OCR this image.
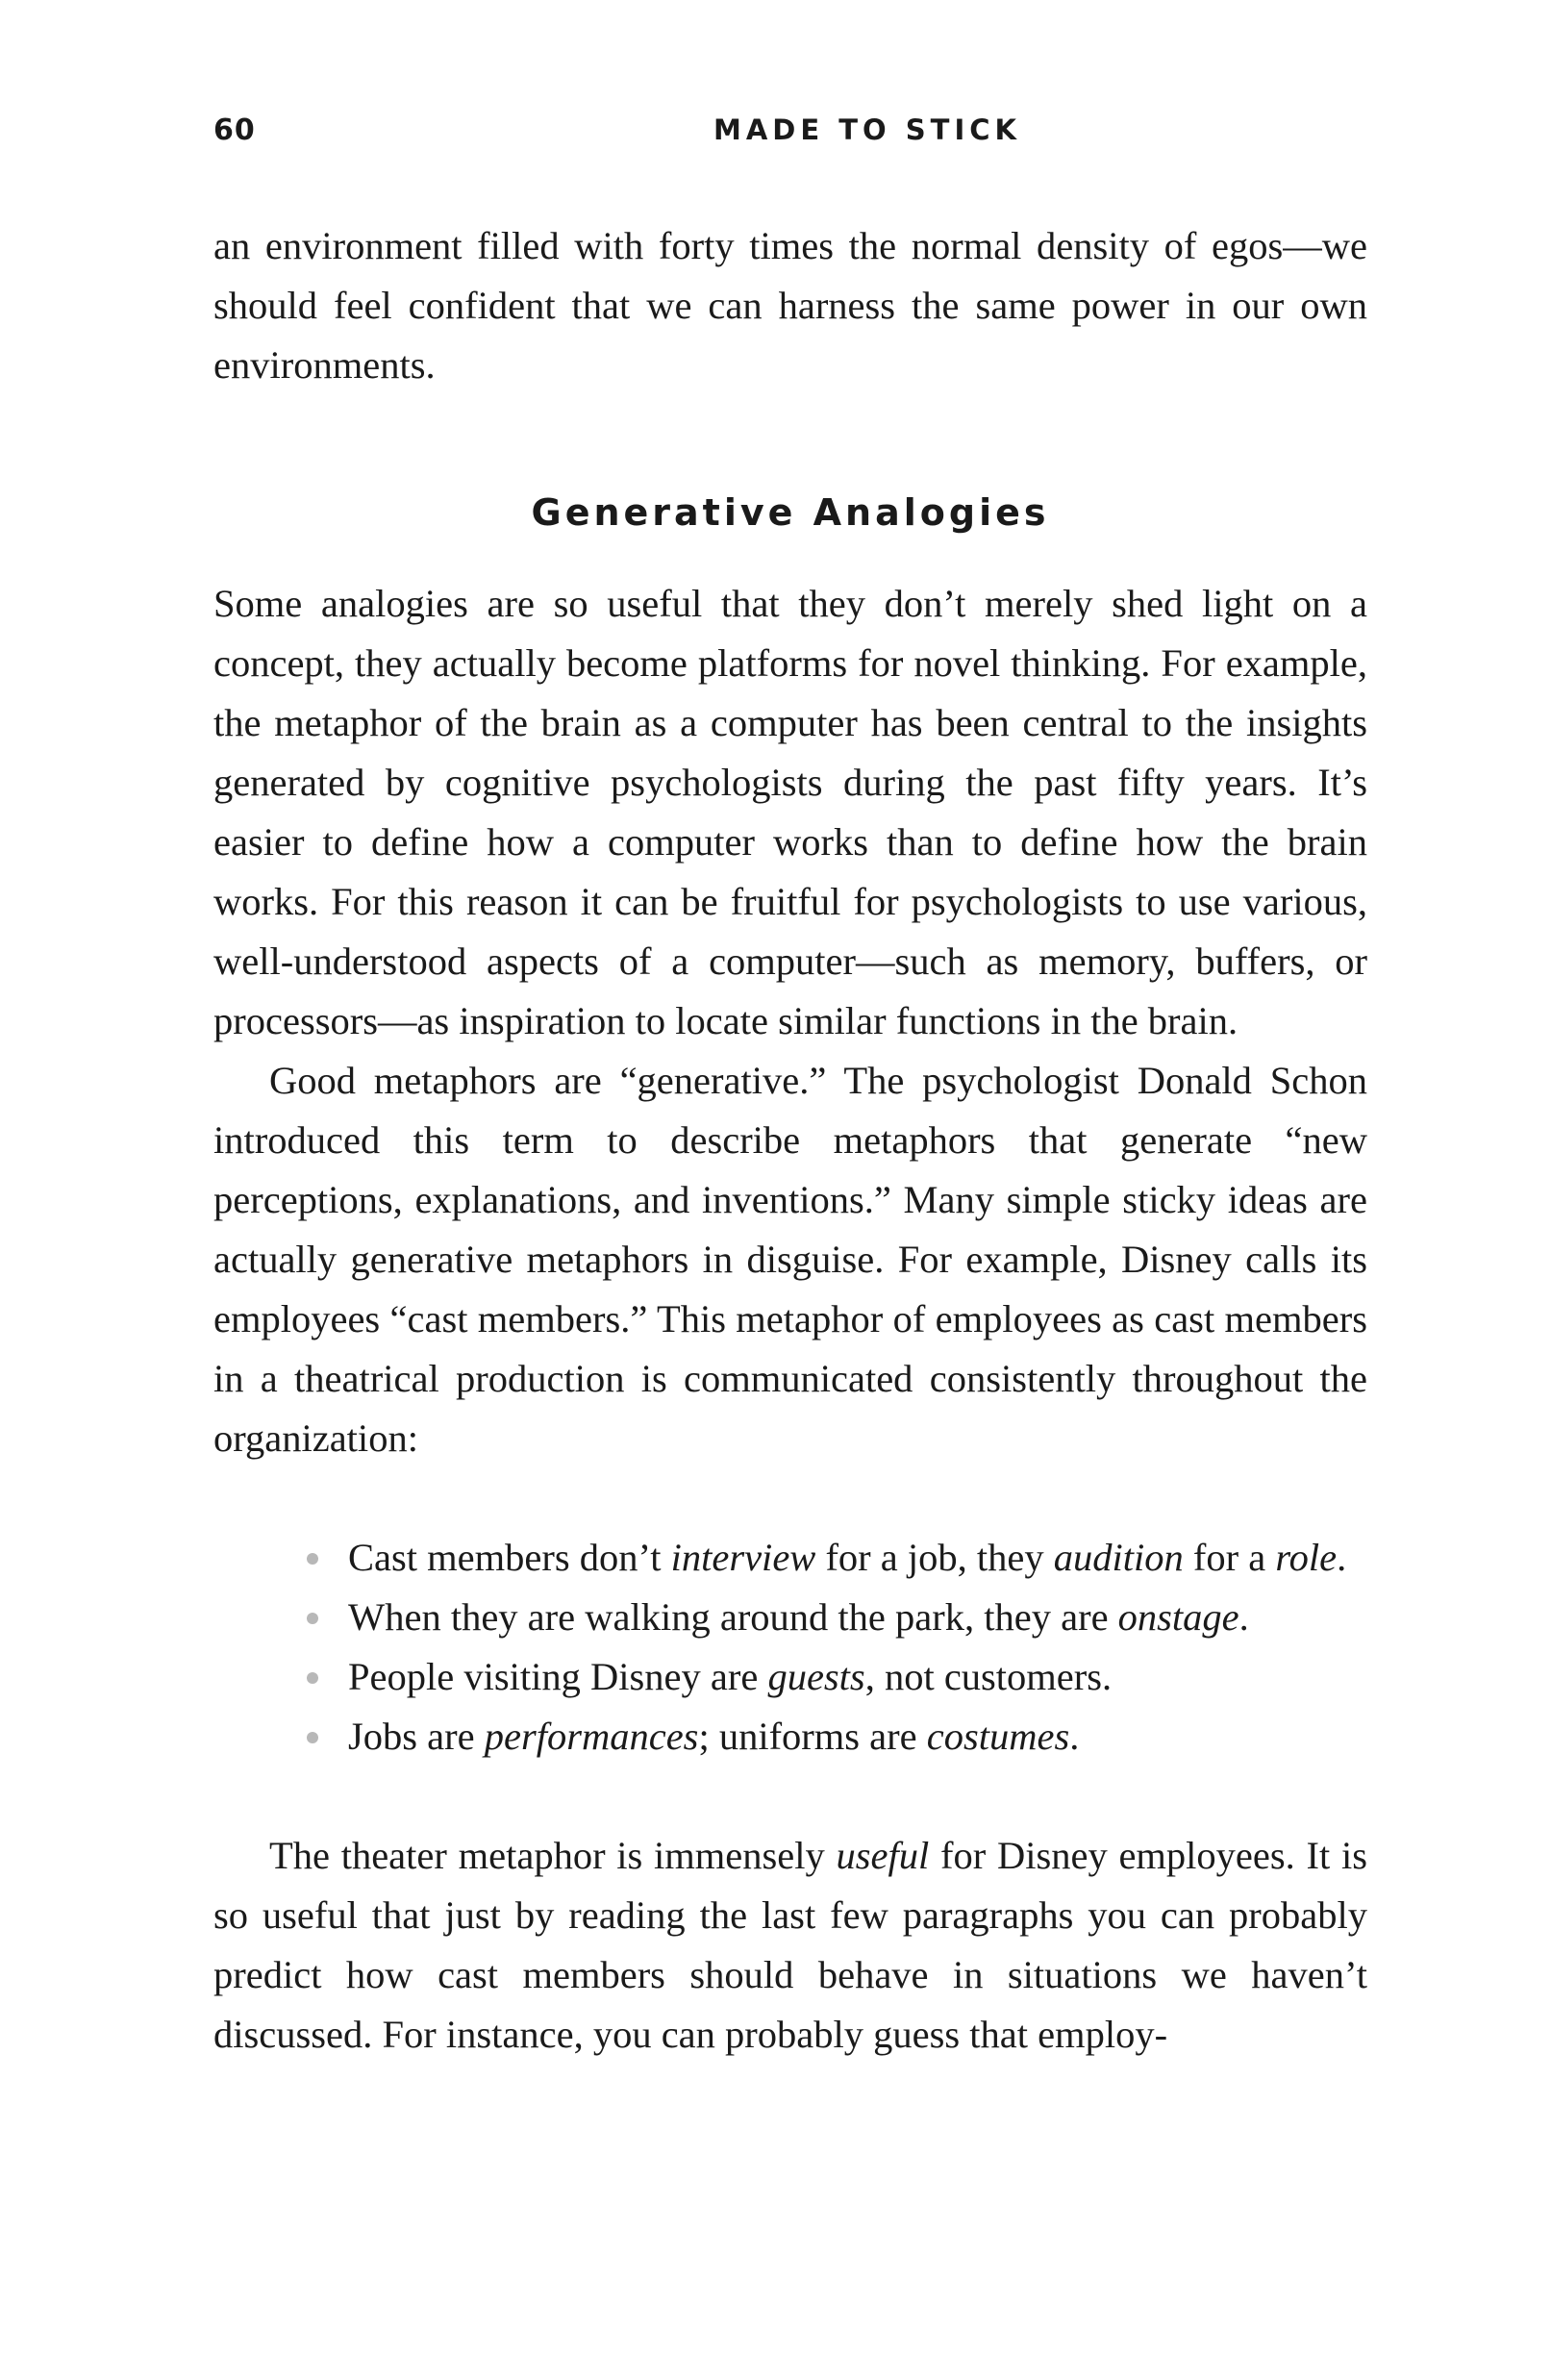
60	MADE TO STICK

an environment filled with forty times the normal density of egos—we should feel confident that we can harness the same power in our own environments.

Generative Analogies

Some analogies are so useful that they don’t merely shed light on a concept, they actually become platforms for novel thinking. For example, the metaphor of the brain as a computer has been central to the insights generated by cognitive psychologists during the past fifty years. It’s easier to define how a computer works than to define how the brain works. For this reason it can be fruitful for psychologists to use various, well-understood aspects of a computer—such as memory, buffers, or processors—as inspiration to locate similar functions in the brain.

Good metaphors are “generative.” The psychologist Donald Schon introduced this term to describe metaphors that generate “new perceptions, explanations, and inventions.” Many simple sticky ideas are actually generative metaphors in disguise. For example, Disney calls its employees “cast members.” This metaphor of employees as cast members in a theatrical production is communicated consistently throughout the organization:

Cast members don’t interview for a job, they audition for a role.
When they are walking around the park, they are onstage.
People visiting Disney are guests, not customers.
Jobs are performances; uniforms are costumes.

The theater metaphor is immensely useful for Disney employees. It is so useful that just by reading the last few paragraphs you can probably predict how cast members should behave in situations we haven’t discussed. For instance, you can probably guess that employ-
